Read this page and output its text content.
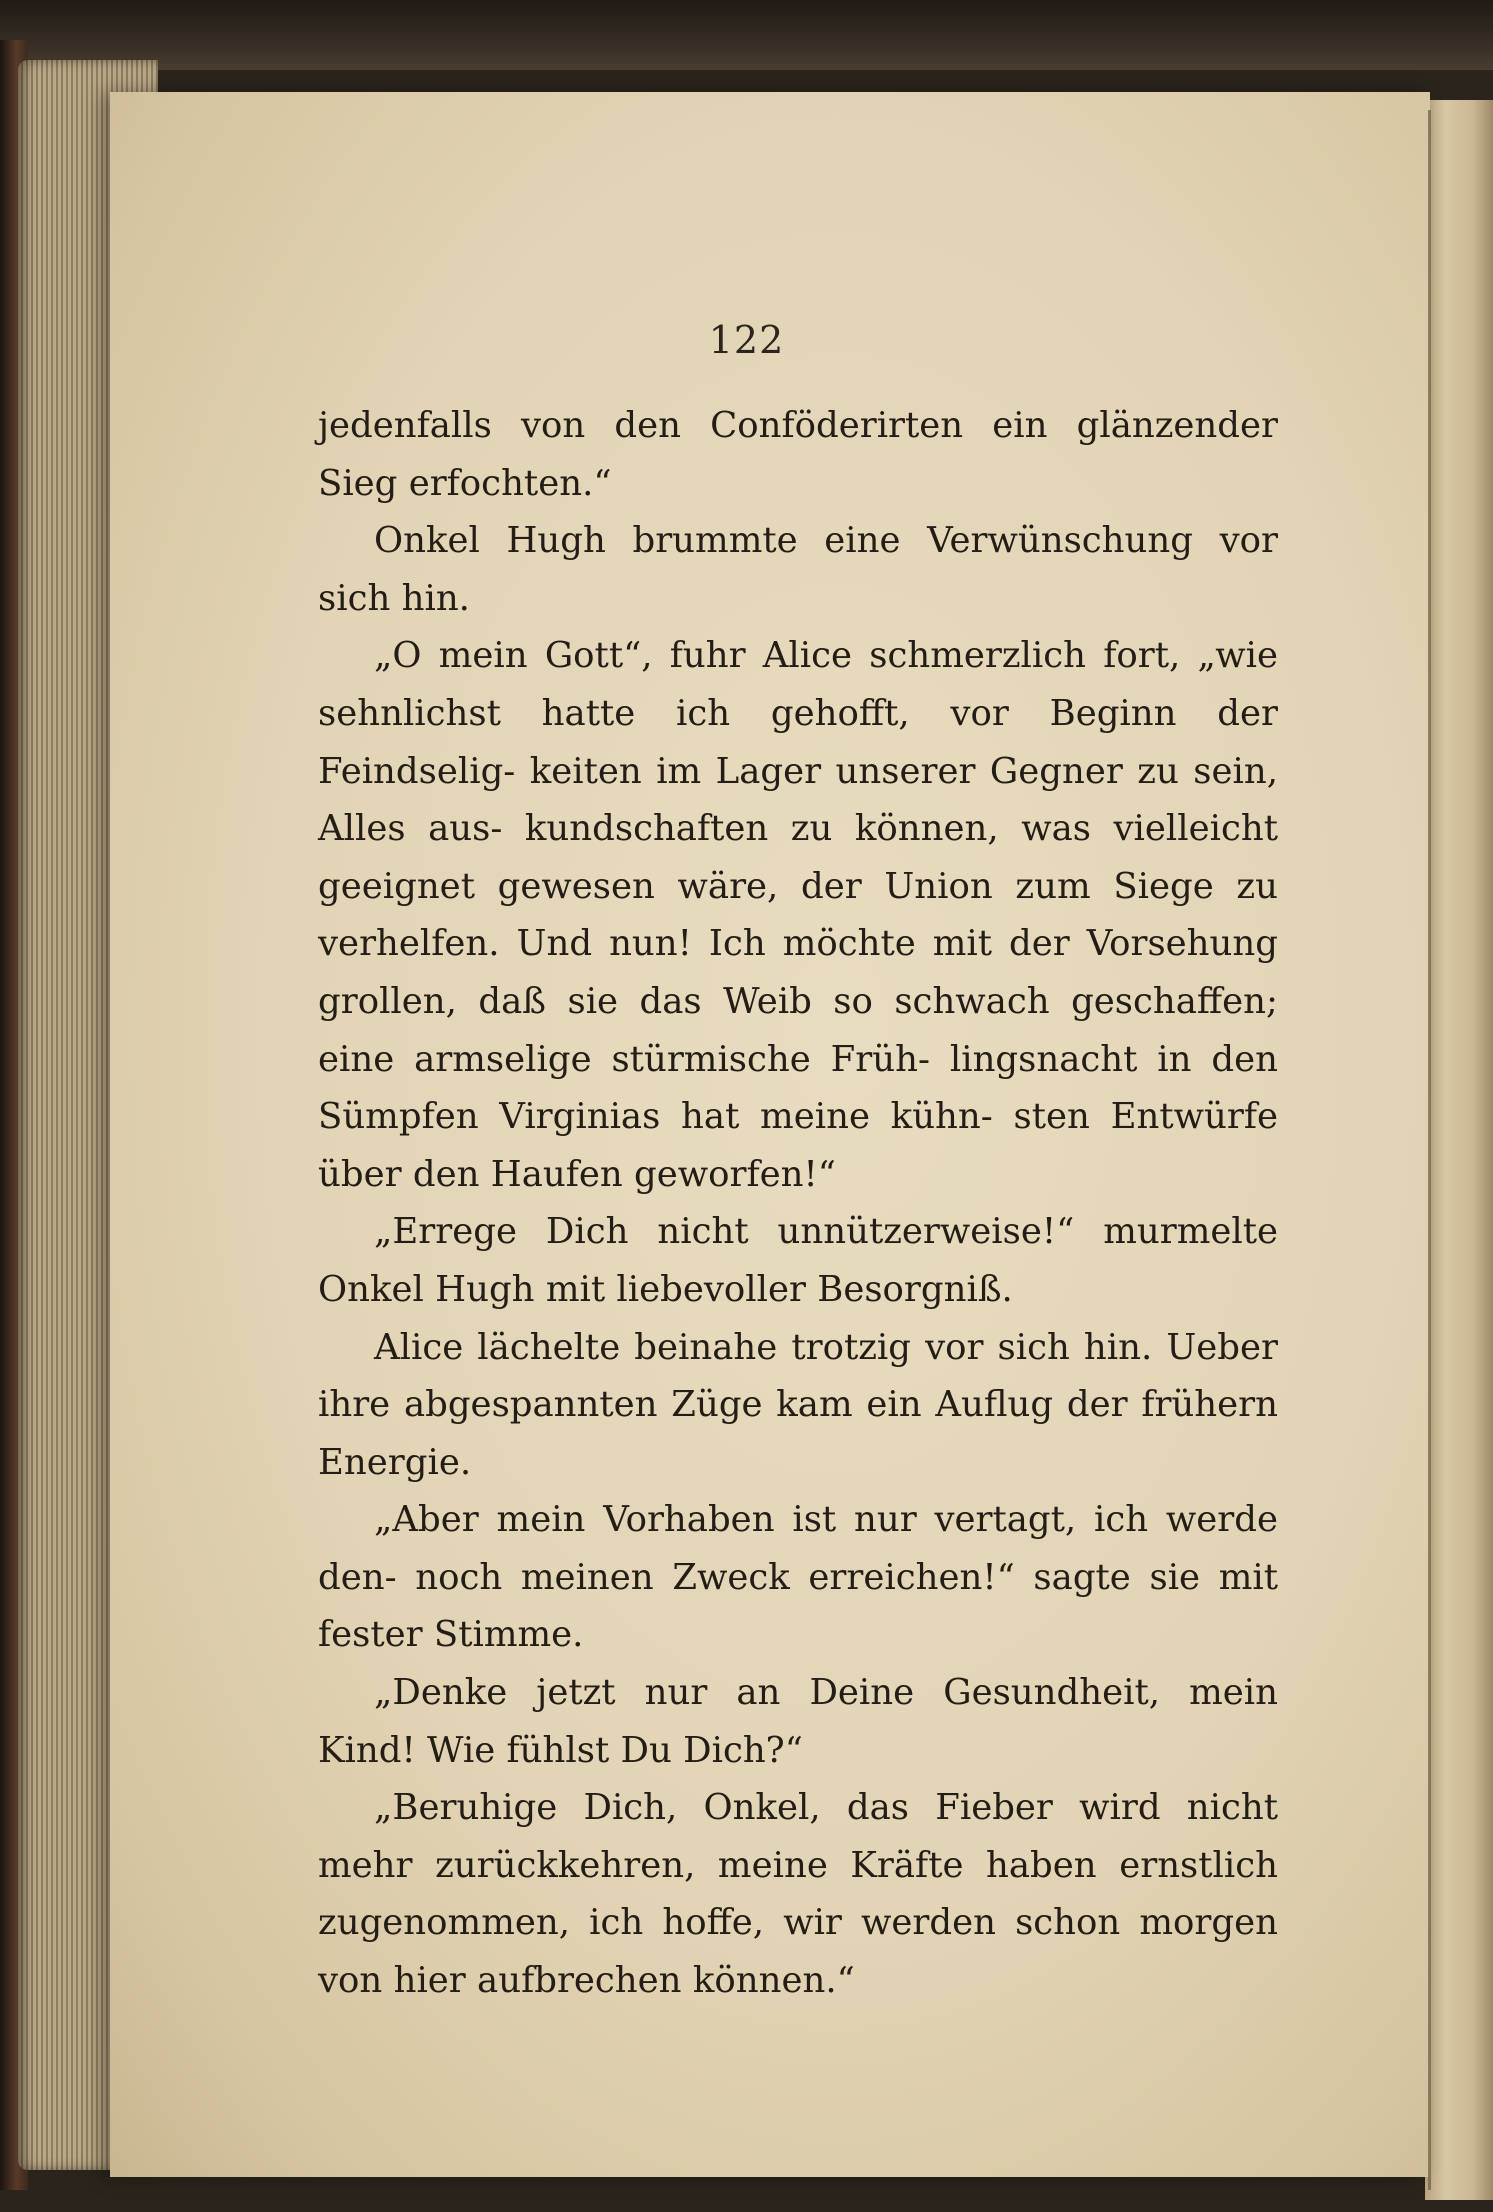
122

jedenfalls von den Conföderirten ein glänzender Sieg erfochten.“

Onkel Hugh brummte eine Verwünschung vor sich hin.

„O mein Gott“, fuhr Alice schmerzlich fort, „wie sehnlichst hatte ich gehofft, vor Beginn der Feindselig- keiten im Lager unserer Gegner zu sein, Alles aus- kundschaften zu können, was vielleicht geeignet gewesen wäre, der Union zum Siege zu verhelfen. Und nun! Ich möchte mit der Vorsehung grollen, daß sie das Weib so schwach geschaffen; eine armselige stürmische Früh- lingsnacht in den Sümpfen Virginias hat meine kühn- sten Entwürfe über den Haufen geworfen!“

„Errege Dich nicht unnützerweise!“ murmelte Onkel Hugh mit liebevoller Besorgniß.

Alice lächelte beinahe trotzig vor sich hin. Ueber ihre abgespannten Züge kam ein Auflug der frühern Energie.

„Aber mein Vorhaben ist nur vertagt, ich werde den- noch meinen Zweck erreichen!“ sagte sie mit fester Stimme.

„Denke jetzt nur an Deine Gesundheit, mein Kind! Wie fühlst Du Dich?“

„Beruhige Dich, Onkel, das Fieber wird nicht mehr zurückkehren, meine Kräfte haben ernstlich zugenommen, ich hoffe, wir werden schon morgen von hier aufbrechen können.“
